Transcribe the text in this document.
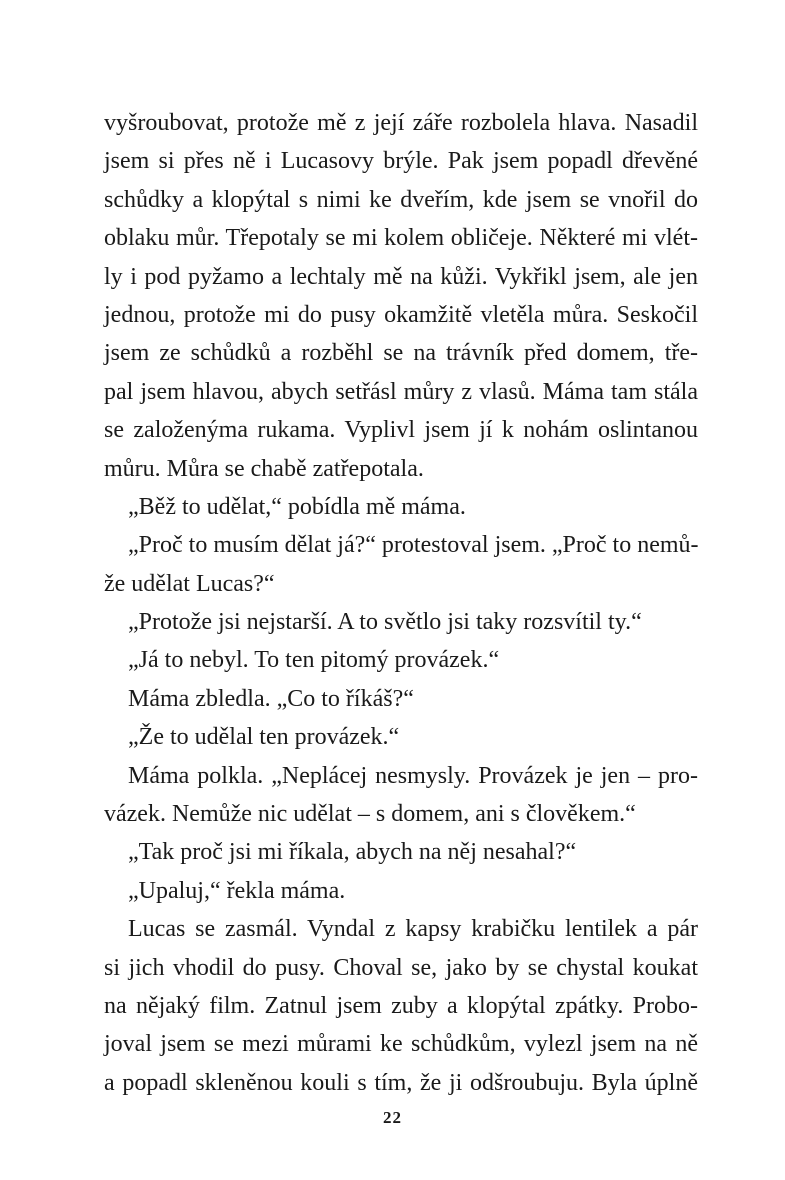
vyšroubovat, protože mě z její záře rozbolela hlava. Nasadil
jsem si přes ně i Lucasovy brýle. Pak jsem popadl dřevěné
schůdky a klopýtal s nimi ke dveřím, kde jsem se vnořil do
oblaku můr. Třepotaly se mi kolem obličeje. Některé mi vlét-
ly i pod pyžamo a lechtaly mě na kůži. Vykřikl jsem, ale jen
jednou, protože mi do pusy okamžitě vletěla můra. Seskočil
jsem ze schůdků a rozběhl se na trávník před domem, tře-
pal jsem hlavou, abych setřásl můry z vlasů. Máma tam stála
se založenýma rukama. Vyplivl jsem jí k nohám oslintanou
můru. Můra se chabě zatřepotala.
„Běž to udělat,“ pobídla mě máma.
„Proč to musím dělat já?“ protestoval jsem. „Proč to nemů-
že udělat Lucas?“
„Protože jsi nejstarší. A to světlo jsi taky rozsvítil ty.“
„Já to nebyl. To ten pitomý provázek.“
Máma zbledla. „Co to říkáš?“
„Že to udělal ten provázek.“
Máma polkla. „Neplácej nesmysly. Provázek je jen – pro-
vázek. Nemůže nic udělat – s domem, ani s člověkem.“
„Tak proč jsi mi říkala, abych na něj nesahal?“
„Upaluj,“ řekla máma.
Lucas se zasmál. Vyndal z kapsy krabičku lentilek a pár
si jich vhodil do pusy. Choval se, jako by se chystal koukat
na nějaký film. Zatnul jsem zuby a klopýtal zpátky. Probo-
joval jsem se mezi můrami ke schůdkům, vylezl jsem na ně
a popadl skleněnou kouli s tím, že ji odšroubuju. Byla úplně
22
